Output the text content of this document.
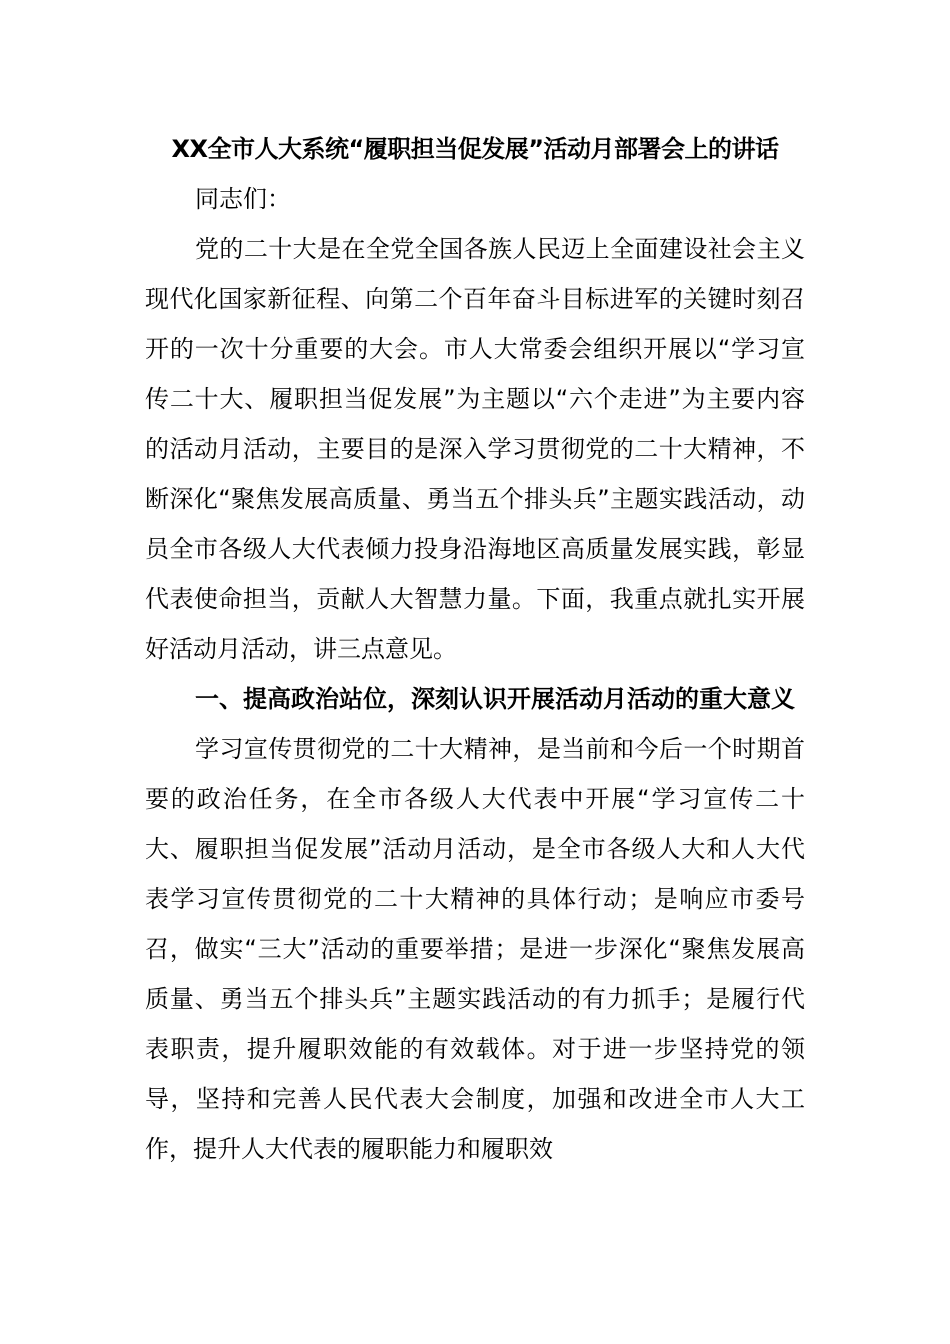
XX全市人大系统“履职担当促发展”活动月部署会上的讲话

同志们：

党的二十大是在全党全国各族人民迈上全面建设社会主义现代化国家新征程、向第二个百年奋斗目标进军的关键时刻召开的一次十分重要的大会。市人大常委会组织开展以“学习宣传二十大、履职担当促发展”为主题以“六个走进”为主要内容的活动月活动，主要目的是深入学习贯彻党的二十大精神，不断深化“聚焦发展高质量、勇当五个排头兵”主题实践活动，动员全市各级人大代表倾力投身沿海地区高质量发展实践，彰显代表使命担当，贡献人大智慧力量。下面，我重点就扎实开展好活动月活动，讲三点意见。

一、提高政治站位，深刻认识开展活动月活动的重大意义

学习宣传贯彻党的二十大精神，是当前和今后一个时期首要的政治任务，在全市各级人大代表中开展“学习宣传二十大、履职担当促发展”活动月活动，是全市各级人大和人大代表学习宣传贯彻党的二十大精神的具体行动；是响应市委号召，做实“三大”活动的重要举措；是进一步深化“聚焦发展高质量、勇当五个排头兵”主题实践活动的有力抓手；是履行代表职责，提升履职效能的有效载体。对于进一步坚持党的领导，坚持和完善人民代表大会制度，加强和改进全市人大工作，提升人大代表的履职能力和履职效
